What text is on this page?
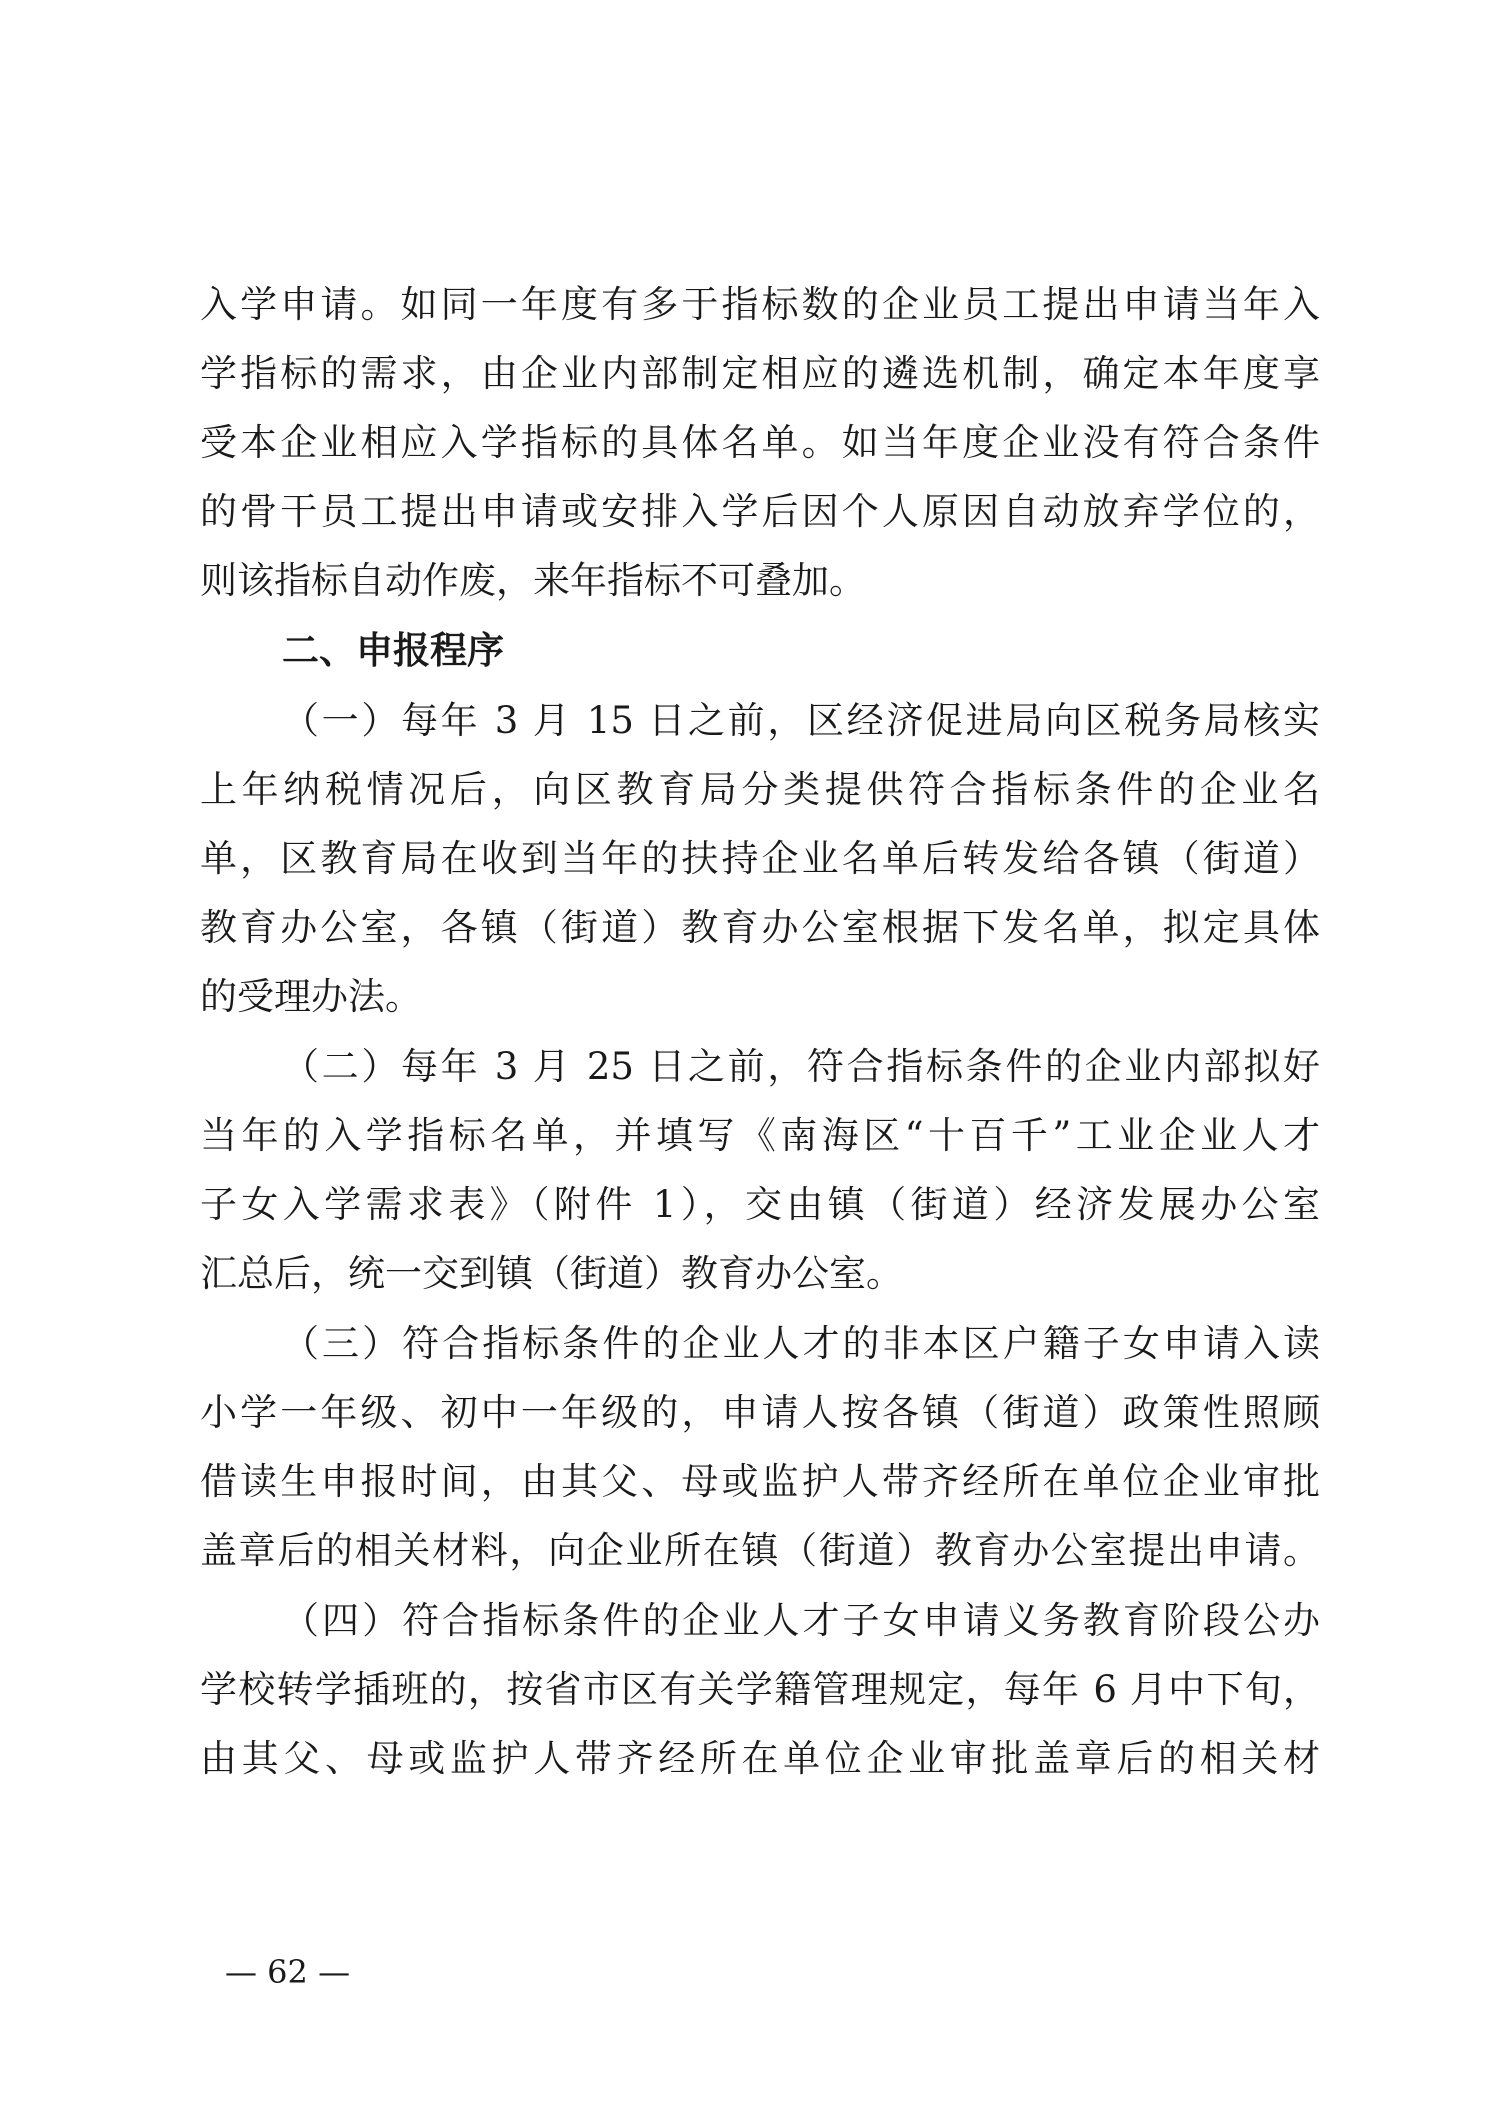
入学申请。如同一年度有多于指标数的企业员工提出申请当年入
学指标的需求，由企业内部制定相应的遴选机制，确定本年度享
受本企业相应入学指标的具体名单。如当年度企业没有符合条件
的骨干员工提出申请或安排入学后因个人原因自动放弃学位的，
则该指标自动作废，来年指标不可叠加。
二、申报程序
（一）每年 3 月 15 日之前，区经济促进局向区税务局核实
上年纳税情况后，向区教育局分类提供符合指标条件的企业名
单，区教育局在收到当年的扶持企业名单后转发给各镇（街道）
教育办公室，各镇（街道）教育办公室根据下发名单，拟定具体
的受理办法。
（二）每年 3 月 25 日之前，符合指标条件的企业内部拟好
当年的入学指标名单，并填写《南海区“十百千”工业企业人才
子女入学需求表》（附件 1），交由镇（街道）经济发展办公室
汇总后，统一交到镇（街道）教育办公室。
（三）符合指标条件的企业人才的非本区户籍子女申请入读
小学一年级、初中一年级的，申请人按各镇（街道）政策性照顾
借读生申报时间，由其父、母或监护人带齐经所在单位企业审批
盖章后的相关材料，向企业所在镇（街道）教育办公室提出申请。
（四）符合指标条件的企业人才子女申请义务教育阶段公办
学校转学插班的，按省市区有关学籍管理规定，每年 6 月中下旬，
由其父、母或监护人带齐经所在单位企业审批盖章后的相关材
— 62 —
